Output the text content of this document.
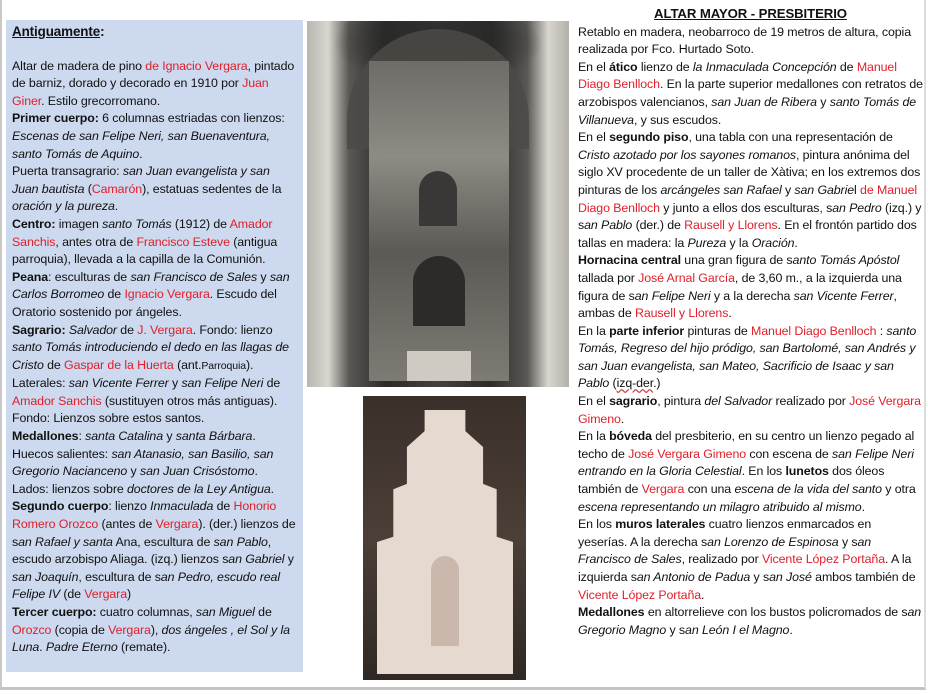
Antiguamente:
Altar de madera de pino de Ignacio Vergara, pintado de barniz, dorado y decorado en 1910 por Juan Giner. Estilo grecorromano.
Primer cuerpo: 6 columnas estriadas con lienzos: Escenas de san Felipe Neri, san Buenaventura, santo Tomás de Aquino.
Puerta transagrario: san Juan evangelista y san Juan bautista (Camarón), estatuas sedentes de la oración y la pureza.
Centro: imagen santo Tomás (1912) de Amador Sanchis, antes otra de Francisco Esteve (antigua parroquia), llevada a la capilla de la Comunión.
Peana: esculturas de san Francisco de Sales y san Carlos Borromeo de Ignacio Vergara. Escudo del Oratorio sostenido por ángeles.
Sagrario: Salvador de J. Vergara. Fondo: lienzo santo Tomás introduciendo el dedo en las llagas de Cristo de Gaspar de la Huerta (ant.Parroquia).
Laterales: san Vicente Ferrer y san Felipe Neri de Amador Sanchis (sustituyen otros más antiguas). Fondo: Lienzos sobre estos santos.
Medallones: santa Catalina y santa Bárbara.
Huecos salientes: san Atanasio, san Basilio, san Gregorio Nacianceno y san Juan Crisóstomo.
Lados: lienzos sobre doctores de la Ley Antigua.
Segundo cuerpo: lienzo Inmaculada de Honorio Romero Orozco (antes de Vergara). (der.) lienzos de san Rafael y santa Ana, escultura de san Pablo, escudo arzobispo Aliaga. (izq.) lienzos san Gabriel y san Joaquín, escultura de san Pedro, escudo real Felipe IV (de Vergara)
Tercer cuerpo: cuatro columnas, san Miguel de Orozco (copia de Vergara), dos ángeles , el Sol y la Luna. Padre Eterno (remate).
ALTAR MAYOR - PRESBITERIO
Retablo en madera, neobarroco de 19 metros de altura, copia realizada por Fco. Hurtado Soto.
En el ático lienzo de la Inmaculada Concepción de Manuel Diago Benlloch. En la parte superior medallones con retratos de arzobispos valencianos, san Juan de Ribera y santo Tomás de Villanueva, y sus escudos.
En el segundo piso, una tabla con una representación de Cristo azotado por los sayones romanos, pintura anónima del siglo XV procedente de un taller de Xàtiva; en los extremos dos pinturas de los arcángeles san Rafael y san Gabriel de Manuel Diago Benlloch y junto a ellos dos esculturas, san Pedro (izq.) y san Pablo (der.) de Rausell y Llorens. En el frontón partido dos tallas en madera: la Pureza y la Oración.
Hornacina central una gran figura de santo Tomás Apóstol tallada por José Arnal García, de 3,60 m., a la izquierda una figura de san Felipe Neri y a la derecha san Vicente Ferrer, ambas de Rausell y Llorens.
En la parte inferior pinturas de Manuel Diago Benlloch : santo Tomás, Regreso del hijo pródigo, san Bartolomé, san Andrés y san Juan evangelista, san Mateo, Sacrificio de Isaac y san Pablo (izq-der.)
En el sagrario, pintura del Salvador realizado por José Vergara Gimeno.
En la bóveda del presbiterio, en su centro un lienzo pegado al techo de José Vergara Gimeno con escena de san Felipe Neri entrando en la Gloria Celestial. En los lunetos dos óleos también de Vergara con una escena de la vida del santo y otra escena representando un milagro atribuido al mismo.
En los muros laterales cuatro lienzos enmarcados en yeserías. A la derecha san Lorenzo de Espinosa y san Francisco de Sales, realizado por Vicente López Portaña. A la izquierda san Antonio de Padua y san José ambos también de Vicente López Portaña.
Medallones en altorrelieve con los bustos policromados de san Gregorio Magno y san León I el Magno.
